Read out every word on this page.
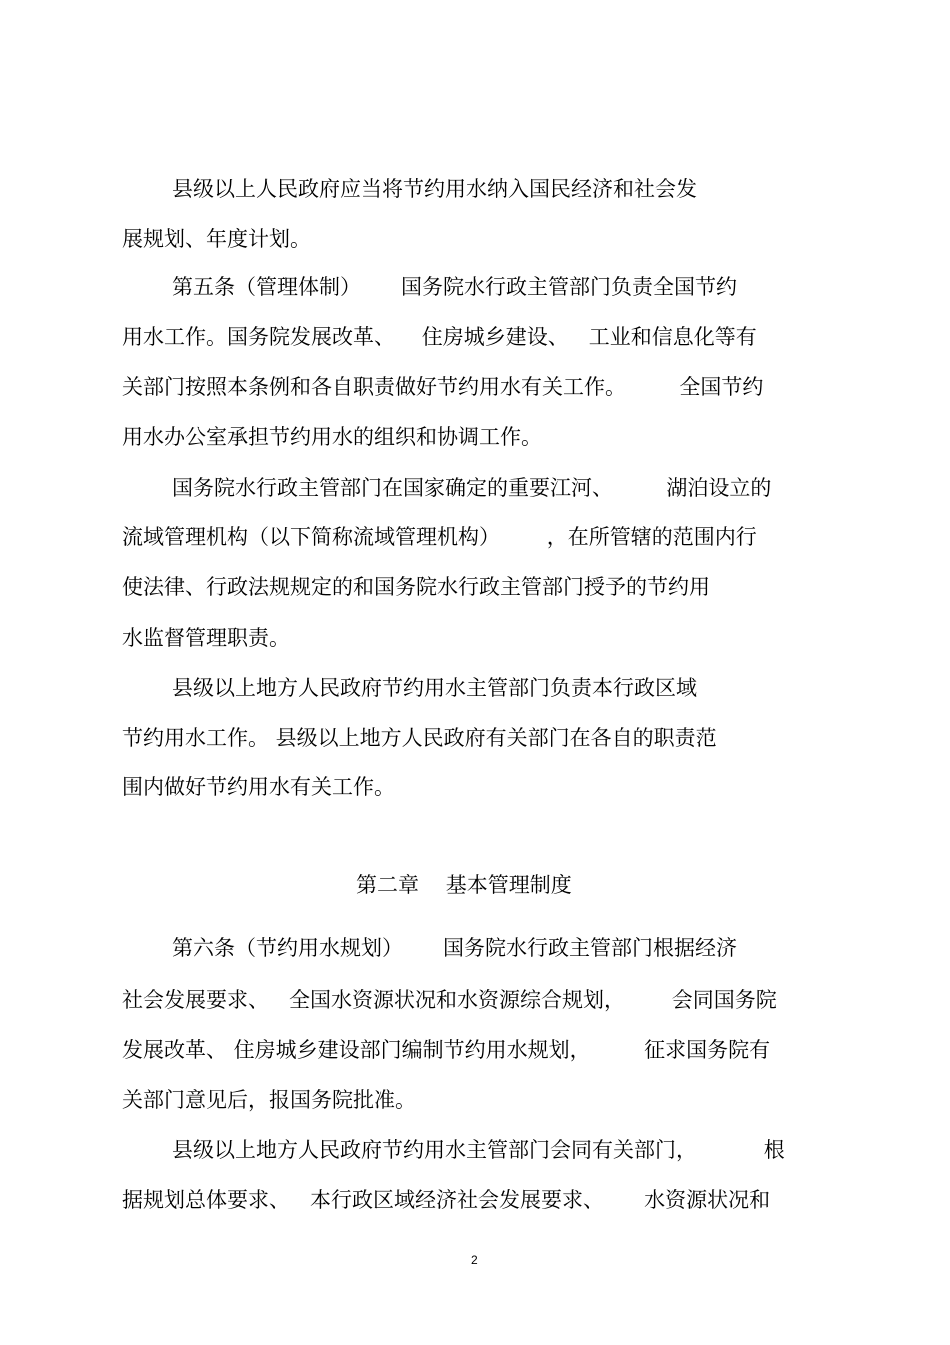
县级以上人民政府应当将节约用水纳入国民经济和社会发
展规划、年度计划。
第五条（管理体制）      国务院水行政主管部门负责全国节约
用水工作。国务院发展改革、    住房城乡建设、   工业和信息化等有
关部门按照本条例和各自职责做好节约用水有关工作。        全国节约
用水办公室承担节约用水的组织和协调工作。
国务院水行政主管部门在国家确定的重要江河、        湖泊设立的
流域管理机构（以下简称流域管理机构）       ，在所管辖的范围内行
使法律、行政法规规定的和国务院水行政主管部门授予的节约用
水监督管理职责。
县级以上地方人民政府节约用水主管部门负责本行政区域
节约用水工作。 县级以上地方人民政府有关部门在各自的职责范
围内做好节约用水有关工作。
第二章    基本管理制度
第六条（节约用水规划）      国务院水行政主管部门根据经济
社会发展要求、   全国水资源状况和水资源综合规划，       会同国务院
发展改革、 住房城乡建设部门编制节约用水规划，        征求国务院有
关部门意见后，报国务院批准。
县级以上地方人民政府节约用水主管部门会同有关部门，          根
据规划总体要求、   本行政区域经济社会发展要求、      水资源状况和
2
